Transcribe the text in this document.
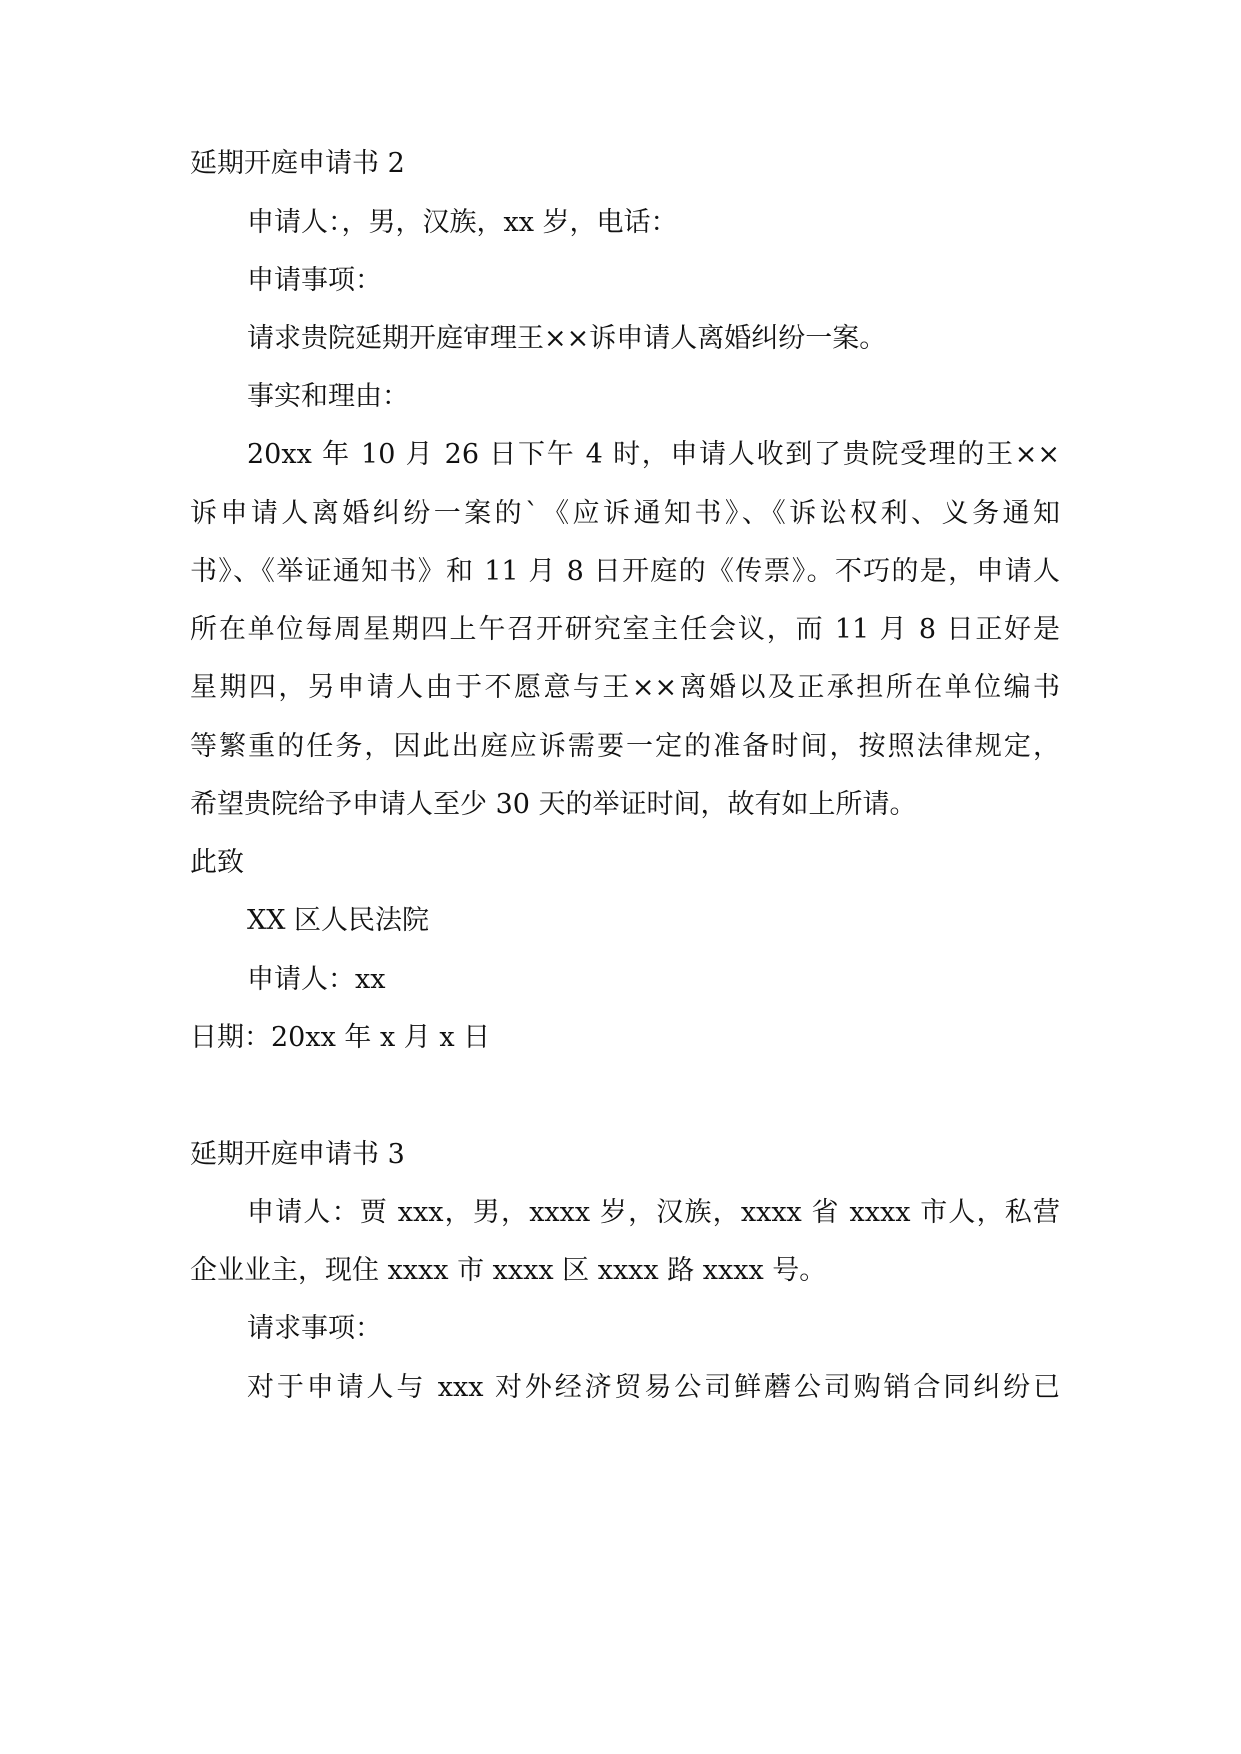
延期开庭申请书 2
申请人：，男，汉族，xx 岁，电话：
申请事项：
请求贵院延期开庭审理王××诉申请人离婚纠纷一案。
事实和理由：
20xx 年 10 月 26 日下午 4 时，申请人收到了贵院受理的王××
诉申请人离婚纠纷一案的`《应诉通知书》、《诉讼权利、义务通知
书》、《举证通知书》和 11 月 8 日开庭的《传票》。不巧的是，申请人
所在单位每周星期四上午召开研究室主任会议，而 11 月 8 日正好是
星期四，另申请人由于不愿意与王××离婚以及正承担所在单位编书
等繁重的任务，因此出庭应诉需要一定的准备时间，按照法律规定，
希望贵院给予申请人至少 30 天的举证时间，故有如上所请。
此致
XX 区人民法院
申请人：xx
日期：20xx 年 x 月 x 日
延期开庭申请书 3
申请人：贾 xxx，男，xxxx 岁，汉族，xxxx 省 xxxx 市人，私营
企业业主，现住 xxxx 市 xxxx 区 xxxx 路 xxxx 号。
请求事项：
对于申请人与 xxx 对外经济贸易公司鲜蘑公司购销合同纠纷已
